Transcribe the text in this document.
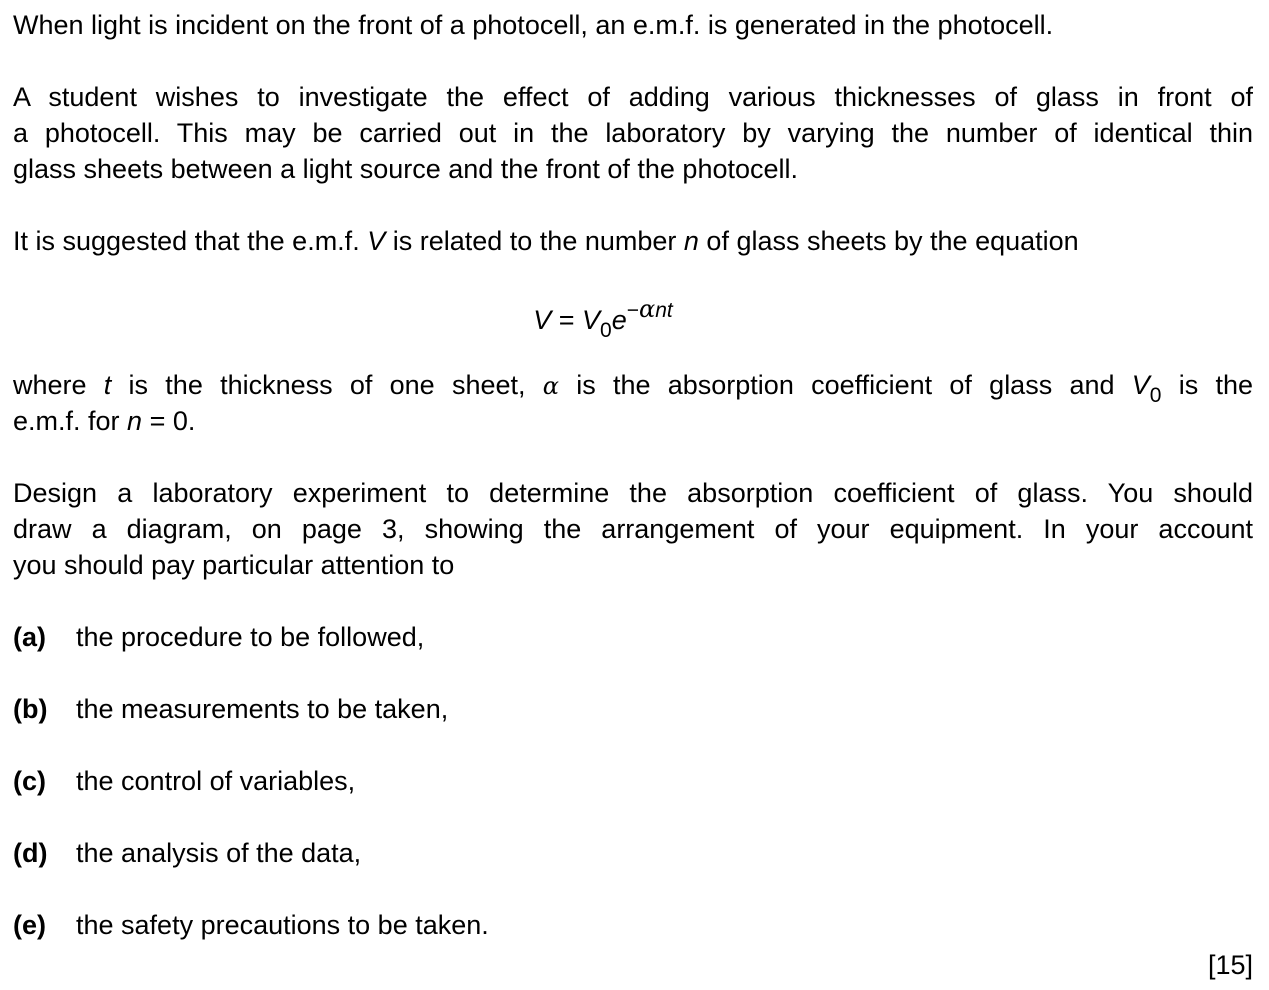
When light is incident on the front of a photocell, an e.m.f. is generated in the photocell.

A student wishes to investigate the effect of adding various thicknesses of glass in front of

a photocell. This may be carried out in the laboratory by varying the number of identical thin

glass sheets between a light source and the front of the photocell.

It is suggested that the e.m.f. V is related to the number n of glass sheets by the equation

$V = V_0e^{-\alpha nt}$

where t is the thickness of one sheet, α is the absorption coefficient of glass and $V_0$ is the

e.m.f. for n = 0.

Design a laboratory experiment to determine the absorption coefficient of glass. You should

draw a diagram, on page 3, showing the arrangement of your equipment. In your account

you should pay particular attention to

(a) the procedure to be followed,
(b) the measurements to be taken,
(c) the control of variables,
(d) the analysis of the data,
(e) the safety precautions to be taken.
[15]
